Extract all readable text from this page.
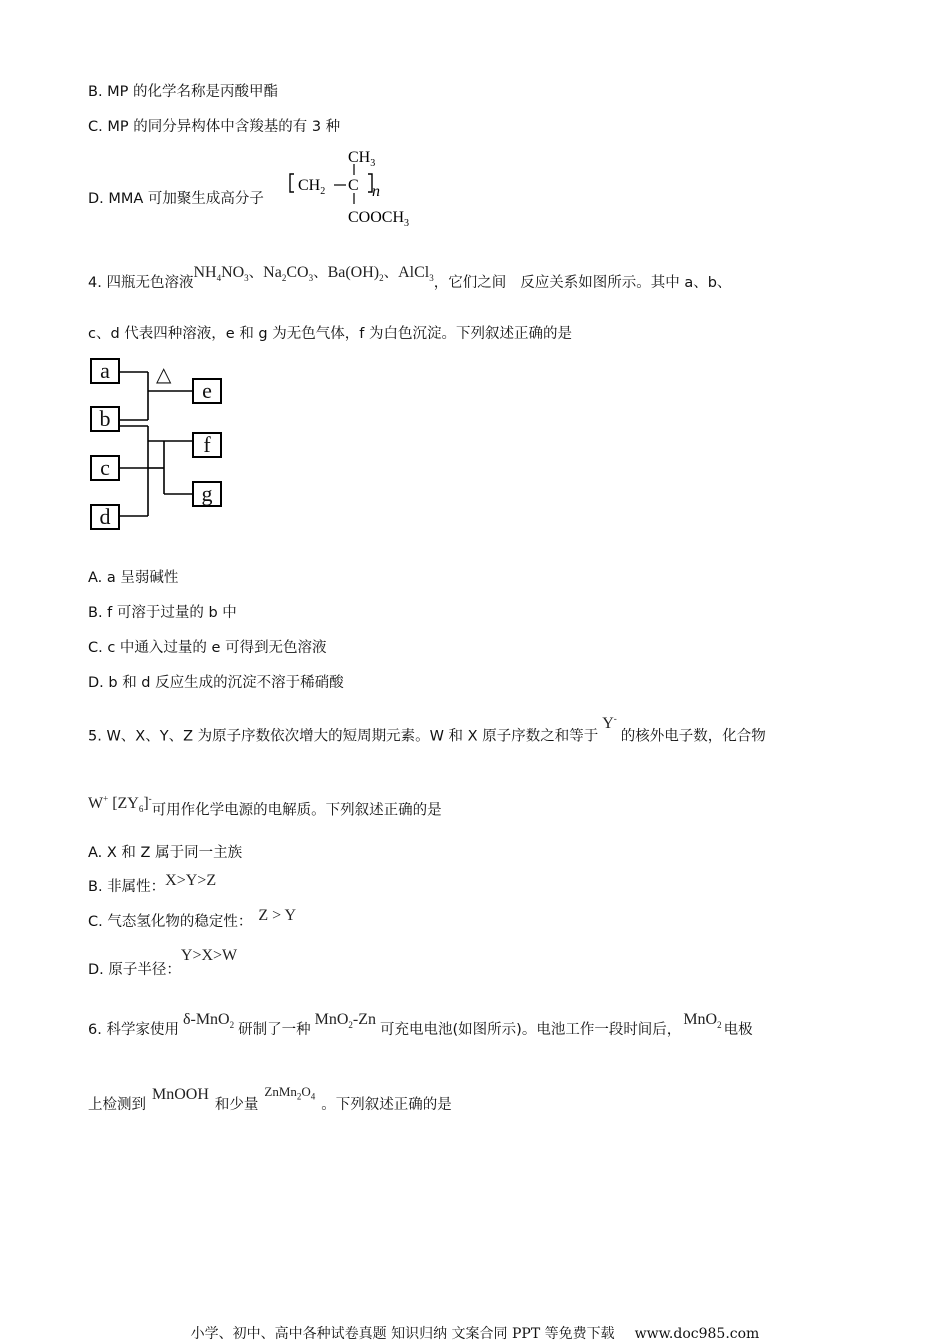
B. MP 的化学名称是丙酸甲酯
C. MP 的同分异构体中含羧基的有 3 种
D. MMA 可加聚生成高分子
$CH_2$ C
$CH_3$
$COOCH_3$
n
4. 四瓶无色溶液$NH_4NO_3$、$Na_2CO_3$、$Ba(OH)_2$、AlCl$_3$，它们之间 反应关系如图所示。其中 a、b、
c、d 代表四种溶液，e 和 g 为无色气体，f 为白色沉淀。下列叙述正确的是
a
b
c
d
e
f
g
△
A. a 呈弱碱性
B. f 可溶于过量的 b 中
C. c 中通入过量的 e 可得到无色溶液
D. b 和 d 反应生成的沉淀不溶于稀硝酸
5. W、X、Y、Z 为原子序数依次增大的短周期元素。W 和 X 原子序数之和等于Y-的核外电子数，化合物
W+ $[ZY_6]^-$可用作化学电源的电解质。下列叙述正确的是
A. X 和 Z 属于同一主族
B. 非属性：X>Y>Z
C. 气态氢化物的稳定性： Z > Y
D. 原子半径：Y>X>W
6. 科学家使用δ-MnO$_2$ 研制了一种MnO$_2$-Zn可充电电池(如图所示)。电池工作一段时间后，MnO$_2$ 电极
上检测到MnOOH和少量$ZnMn_2O_4$。下列叙述正确的是
小学、初中、高中各种试卷真题 知识归纳 文案合同 PPT 等免费下载 www.doc985.com
